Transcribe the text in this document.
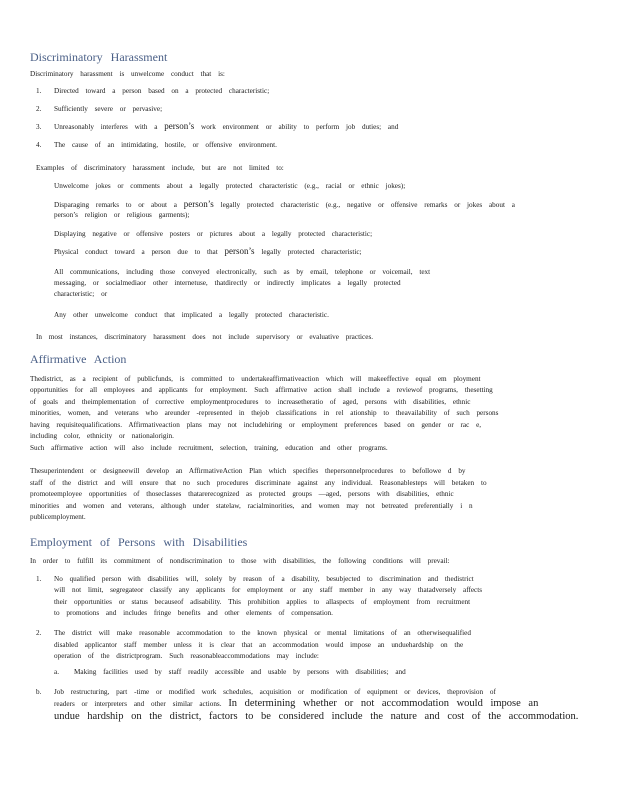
Discriminatory Harassment
Discriminatory harassment is unwelcome conduct that is:
1. Directed toward a person based on a protected characteristic;
2. Sufficiently severe or pervasive;
3. Unreasonably interferes with a person’s work environment or ability to perform job duties; and
4. The cause of an intimidating, hostile, or offensive environment.
Examples of discriminatory harassment include, but are not limited to:
Unwelcome jokes or comments about a legally protected characteristic (e.g., racial or ethnic jokes);
Disparaging remarks to or about a person’s legally protected characteristic (e.g., negative or offensive remarks or jokes about a
person’s religion or religious garments);
Displaying negative or offensive posters or pictures about a legally protected characteristic;
Physical conduct toward a person due to that person’s legally protected characteristic;
All communications, including those conveyed electronically, such as by email, telephone or voicemail, text
messaging, or socialmediaor other internetuse, thatdirectly or indirectly implicates a legally protected
characteristic; or
Any other unwelcome conduct that implicated a legally protected characteristic.
In most instances, discriminatory harassment does not include supervisory or evaluative practices.
Affirmative Action
Thedistrict, as a recipient of publicfunds, is committed to undertakeaffirmativeaction which will makeeffective equal em ployment
opportunities for all employees and applicants for employment. Such affirmative action shall include a reviewof programs, thesetting
of goals and theimplementation of corrective employmentprocedures to increasetheratio of aged, persons with disabilities, ethnic
minorities, women, and veterans who areunder -represented in thejob classifications in rel ationship to theavailability of such persons
having requisitequalifications. Affirmativeaction plans may not includehiring or employment preferences based on gender or rac e,
including color, ethnicity or nationalorigin.
Such affirmative action will also include recruitment, selection, training, education and other programs.
Thesuperintendent or designeewill develop an AffirmativeAction Plan which specifies thepersonnelprocedures to befollowe d by
staff of the district and will ensure that no such procedures discriminate against any individual. Reasonablesteps will betaken to
promoteemployee opportunities of thoseclasses thatarerecognized as protected groups —aged, persons with disabilities, ethnic
minorities and women and veterans, although under statelaw, racialminorities, and women may not betreated preferentially i n
publicemployment.
Employment of Persons with Disabilities
In order to fulfill its commitment of nondiscrimination to those with disabilities, the following conditions will prevail:
1. No qualified person with disabilities will, solely by reason of a disability, besubjected to discrimination and thedistrict
will not limit, segregateor classify any applicants for employment or any staff member in any way thatadversely affects
their opportunities or status becauseof adisability. This prohibition applies to allaspects of employment from recruitment
to promotions and includes fringe benefits and other elements of compensation.
2. The district will make reasonable accommodation to the known physical or mental limitations of an otherwisequalified
disabled applicantor staff member unless it is clear that an accommodation would impose an unduehardship on the
operation of the districtprogram. Such reasonableaccommodations may include:
a. Making facilities used by staff readily accessible and usable by persons with disabilities; and
b. Job restructuring, part -time or modified work schedules, acquisition or modification of equipment or devices, theprovision of
readers or interpreters and other similar actions. In determining whether or not accommodation would impose an
undue hardship on the district, factors to be considered include the nature and cost of the accommodation.
